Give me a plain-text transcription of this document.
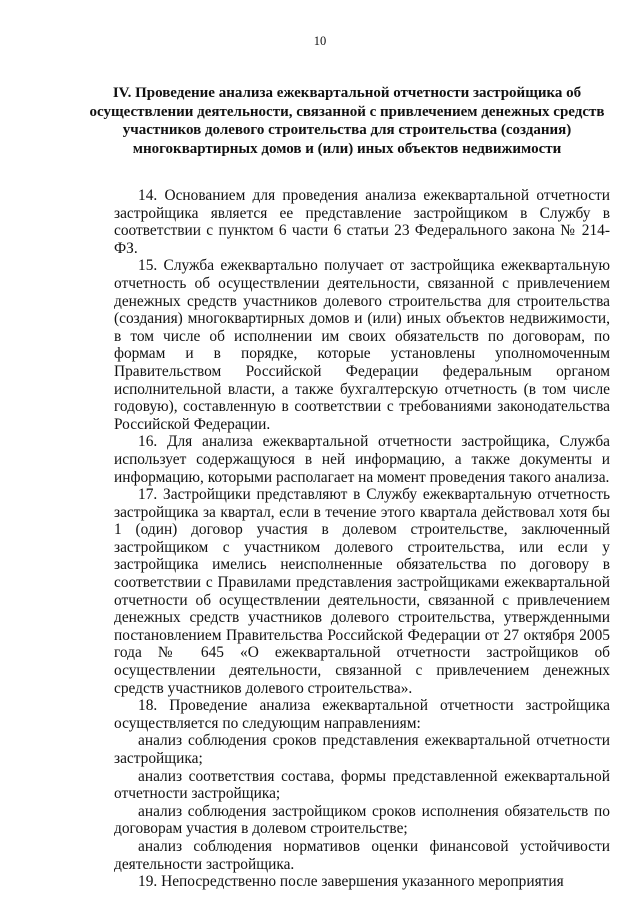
10
IV. Проведение анализа ежеквартальной отчетности застройщика об осуществлении деятельности, связанной с привлечением денежных средств участников долевого строительства для строительства (создания) многоквартирных домов и (или) иных объектов недвижимости

14. Основанием для проведения анализа ежеквартальной отчетности застройщика является ее представление застройщиком в Службу в соответствии с пунктом 6 части 6 статьи 23 Федерального закона № 214-ФЗ.

15. Служба ежеквартально получает от застройщика ежеквартальную отчетность об осуществлении деятельности, связанной с привлечением денежных средств участников долевого строительства для строительства (создания) многоквартирных домов и (или) иных объектов недвижимости, в том числе об исполнении им своих обязательств по договорам, по формам и в порядке, которые установлены уполномоченным Правительством Российской Федерации федеральным органом исполнительной власти, а также бухгалтерскую отчетность (в том числе годовую), составленную в соответствии с требованиями законодательства Российской Федерации.

16. Для анализа ежеквартальной отчетности застройщика, Служба использует содержащуюся в ней информацию, а также документы и информацию, которыми располагает на момент проведения такого анализа.

17. Застройщики представляют в Службу ежеквартальную отчетность застройщика за квартал, если в течение этого квартала действовал хотя бы 1 (один) договор участия в долевом строительстве, заключенный застройщиком с участником долевого строительства, или если у застройщика имелись неисполненные обязательства по договору в соответствии с Правилами представления застройщиками ежеквартальной отчетности об осуществлении деятельности, связанной с привлечением денежных средств участников долевого строительства, утвержденными постановлением Правительства Российской Федерации от 27 октября 2005 года № 645 «О ежеквартальной отчетности застройщиков об осуществлении деятельности, связанной с привлечением денежных средств участников долевого строительства».

18. Проведение анализа ежеквартальной отчетности застройщика осуществляется по следующим направлениям:

анализ соблюдения сроков представления ежеквартальной отчетности застройщика;

анализ соответствия состава, формы представленной ежеквартальной отчетности застройщика;

анализ соблюдения застройщиком сроков исполнения обязательств по договорам участия в долевом строительстве;

анализ соблюдения нормативов оценки финансовой устойчивости деятельности застройщика.

19. Непосредственно после завершения указанного мероприятия
